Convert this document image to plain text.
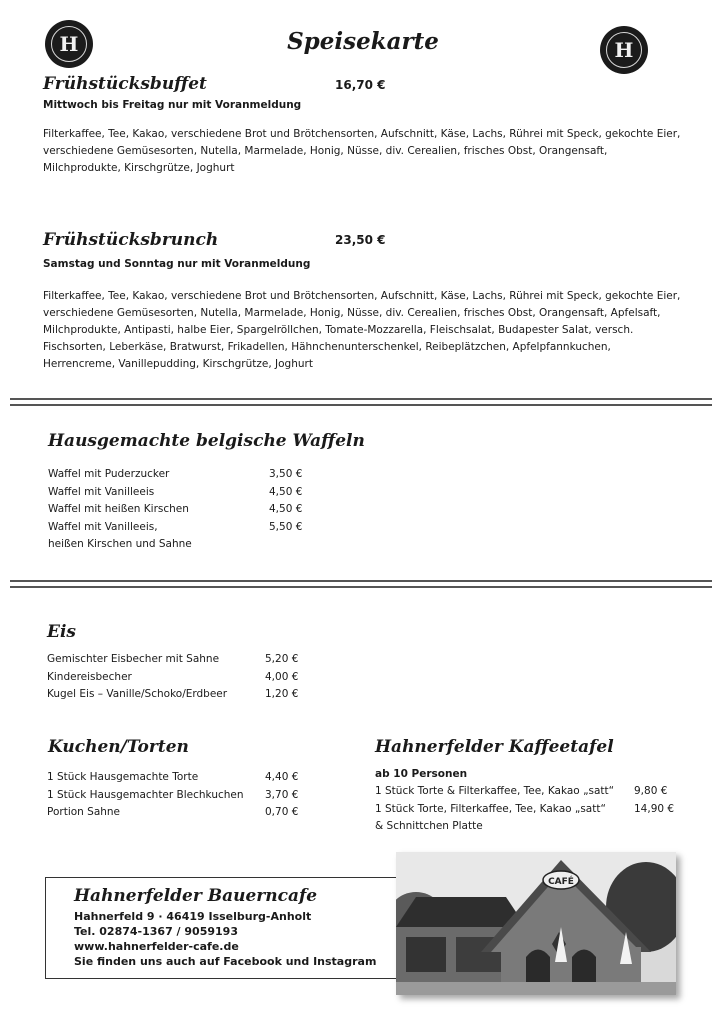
H	Speisekarte	H
Frühstücksbuffet	16,70 €
Mittwoch bis Freitag nur mit Voranmeldung
Filterkaffee, Tee, Kakao, verschiedene Brot und Brötchensorten, Aufschnitt, Käse, Lachs, Rührei mit Speck, gekochte Eier,
verschiedene Gemüsesorten, Nutella, Marmelade, Honig, Nüsse, div. Cerealien, frisches Obst, Orangensaft,
Milchprodukte, Kirschgrütze, Joghurt
Frühstücksbrunch	23,50 €
Samstag und Sonntag nur mit Voranmeldung
Filterkaffee, Tee, Kakao, verschiedene Brot und Brötchensorten, Aufschnitt, Käse, Lachs, Rührei mit Speck, gekochte Eier,
verschiedene Gemüsesorten, Nutella, Marmelade, Honig, Nüsse, div. Cerealien, frisches Obst, Orangensaft, Apfelsaft,
Milchprodukte, Antipasti, halbe Eier, Spargelröllchen, Tomate-Mozzarella, Fleischsalat, Budapester Salat, versch.
Fischsorten, Leberkäse, Bratwurst, Frikadellen, Hähnchenunterschenkel, Reibeplätzchen, Apfelpfannkuchen,
Herrencreme, Vanillepudding, Kirschgrütze, Joghurt
Hausgemachte belgische Waffeln
Waffel mit Puderzucker	3,50 €
Waffel mit Vanilleeis	4,50 €
Waffel mit heißen Kirschen	4,50 €
Waffel mit Vanilleeis,	5,50 €
heißen Kirschen und Sahne
Eis
Gemischter Eisbecher mit Sahne	5,20 €
Kindereisbecher	4,00 €
Kugel Eis – Vanille/Schoko/Erdbeer	1,20 €
Kuchen/Torten
1 Stück Hausgemachte Torte	4,40 €
1 Stück Hausgemachter Blechkuchen 3,70 €
Portion Sahne	0,70 €
Hahnerfelder Kaffeetafel
ab 10 Personen
1 Stück Torte & Filterkaffee, Tee, Kakao „satt“ 9,80 €
1 Stück Torte, Filterkaffee, Tee, Kakao „satt“	14,90 €
& Schnittchen Platte
Hahnerfelder Bauerncafe
Hahnerfeld 9 · 46419 Isselburg-Anholt
Tel. 02874-1367 / 9059193
www.hahnerfelder-cafe.de
Sie finden uns auch auf Facebook und Instagram
CAFÉ
